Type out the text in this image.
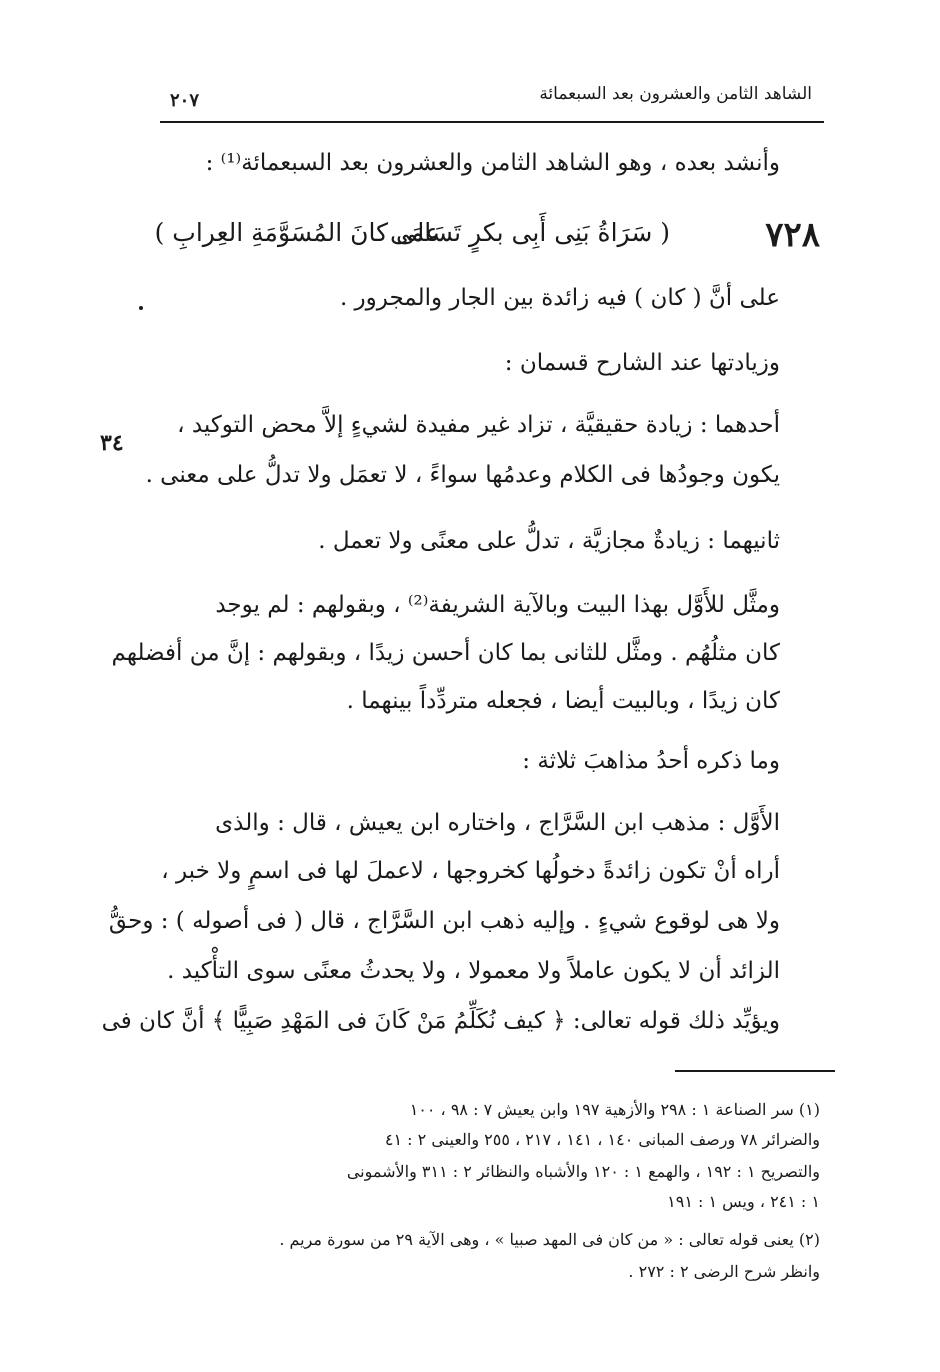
الشاهد الثامن والعشرون بعد السبعمائة
٢٠٧
٣٤
وأنشد بعده ، وهو الشاهد الثامن والعشرون بعد السبعمائة⁽¹⁾ :
٧٢٨
( سَرَاةُ بَنِى أَبِى بكرٍ تَسَامَى
على كانَ المُسَوَّمَةِ العِرابِ )
على أنَّ ( كان ) فيه زائدة بين الجار والمجرور .
وزيادتها عند الشارح قسمان :
أحدهما : زيادة حقيقيَّة ، تزاد غير مفيدة لشيءٍ إلاَّ محض التوكيد ،
يكون وجودُها فى الكلام وعدمُها سواءً ، لا تعمَل ولا تدلُّ على معنى .
ثانيهما : زيادةٌ مجازيَّة ، تدلُّ على معنًى ولا تعمل .
ومثَّل للأَوَّل بهذا البيت وبالآية الشريفة⁽²⁾ ، وبقولهم : لم يوجد
كان مثلُهُم . ومثَّل للثانى بما كان أحسن زيدًا ، وبقولهم : إنَّ من أفضلهم
كان زيدًا ، وبالبيت أيضا ، فجعله متردِّداً بينهما .
وما ذكره أحدُ مذاهبَ ثلاثة :
الأَوَّل : مذهب ابن السَّرَّاج ، واختاره ابن يعيش ، قال : والذى
أراه أنْ تكون زائدةً دخولُها كخروجها ، لاعملَ لها فى اسمٍ ولا خبر ،
ولا هى لوقوع شيءٍ . وإليه ذهب ابن السَّرَّاج ، قال ( فى أصوله ) : وحقُّ
الزائد أن لا يكون عاملاً ولا معمولا ، ولا يحدثُ معنًى سوى التأْكيد .
ويؤيِّد ذلك قوله تعالى: ﴿ كيف نُكَلِّمُ مَنْ كَانَ فى المَهْدِ صَبِيًّا ﴾ أنَّ كان فى
(١) سر الصناعة ١ : ٢٩٨ والأزهية ١٩٧ وابن يعيش ٧ : ٩٨ ، ١٠٠
والضرائر ٧٨ ورصف المبانى ١٤٠ ، ١٤١ ، ٢١٧ ، ٢٥٥ والعينى ٢ : ٤١
والتصريح ١ : ١٩٢ ، والهمع ١ : ١٢٠ والأشباه والنظائر ٢ : ٣١١ والأشمونى
١ : ٢٤١ ، ويس ١ : ١٩١
(٢) يعنى قوله تعالى : « من كان فى المهد صبيا » ، وهى الآية ٢٩ من سورة مريم .
وانظر شرح الرضى ٢ : ٢٧٢ .
